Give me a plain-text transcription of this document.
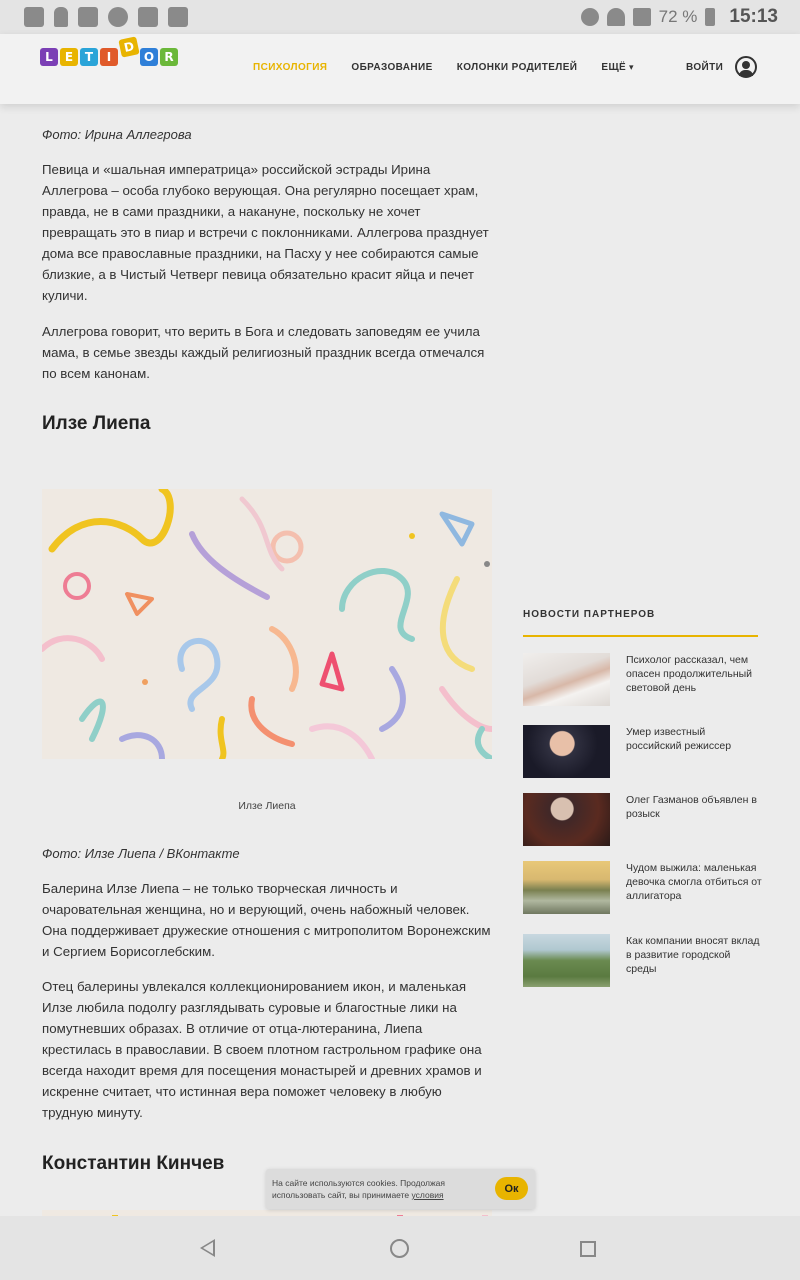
72 % 15:13
L	E T	I
D
O R
ПСИХОЛОГИЯ ОБРАЗОВАНИЕ КОЛОНКИ РОДИТЕЛЕЙ ЕЩЁ ▾	ВОЙТИ
Фото: Ирина Аллегрова
Певица и «шальная императрица» российской эстрады Ирина Аллегрова – особа глубоко верующая. Она регулярно посещает храм, правда, не в сами праздники, а накануне, поскольку не хочет превращать это в пиар и встречи с поклонниками. Аллегрова празднует дома все православные праздники, на Пасху у нее собираются самые близкие, а в Чистый Четверг певица обязательно красит яйца и печет куличи.
Аллегрова говорит, что верить в Бога и следовать заповедям ее учила мама, в семье звезды каждый религиозный праздник всегда отмечался по всем канонам.
Илзе Лиепа
Илзе Лиепа
Фото: Илзе Лиепа / ВКонтакте
Балерина Илзе Лиепа – не только творческая личность и очаровательная женщина, но и верующий, очень набожный человек. Она поддерживает дружеские отношения с митрополитом Воронежским и Сергием Борисоглебским.
Отец балерины увлекался коллекционированием икон, и маленькая Илзе любила подолгу разглядывать суровые и благостные лики на помутневших образах. В отличие от отца-лютеранина, Лиепа крестилась в православии. В своем плотном гастрольном графике она всегда находит время для посещения монастырей и древних храмов и искренне считает, что истинная вера поможет человеку в любую трудную минуту.
Константин Кинчев
НОВОСТИ ПАРТНЕРОВ
Психолог рассказал, чем опасен продолжительный световой день
Умер известный российский режиссер
Олег Газманов объявлен в розыск
Чудом выжила: маленькая девочка смогла отбиться от аллигатора
Как компании вносят вклад в развитие городской среды
На сайте используются cookies. Продолжая использовать сайт, вы принимаете условия
Ок
